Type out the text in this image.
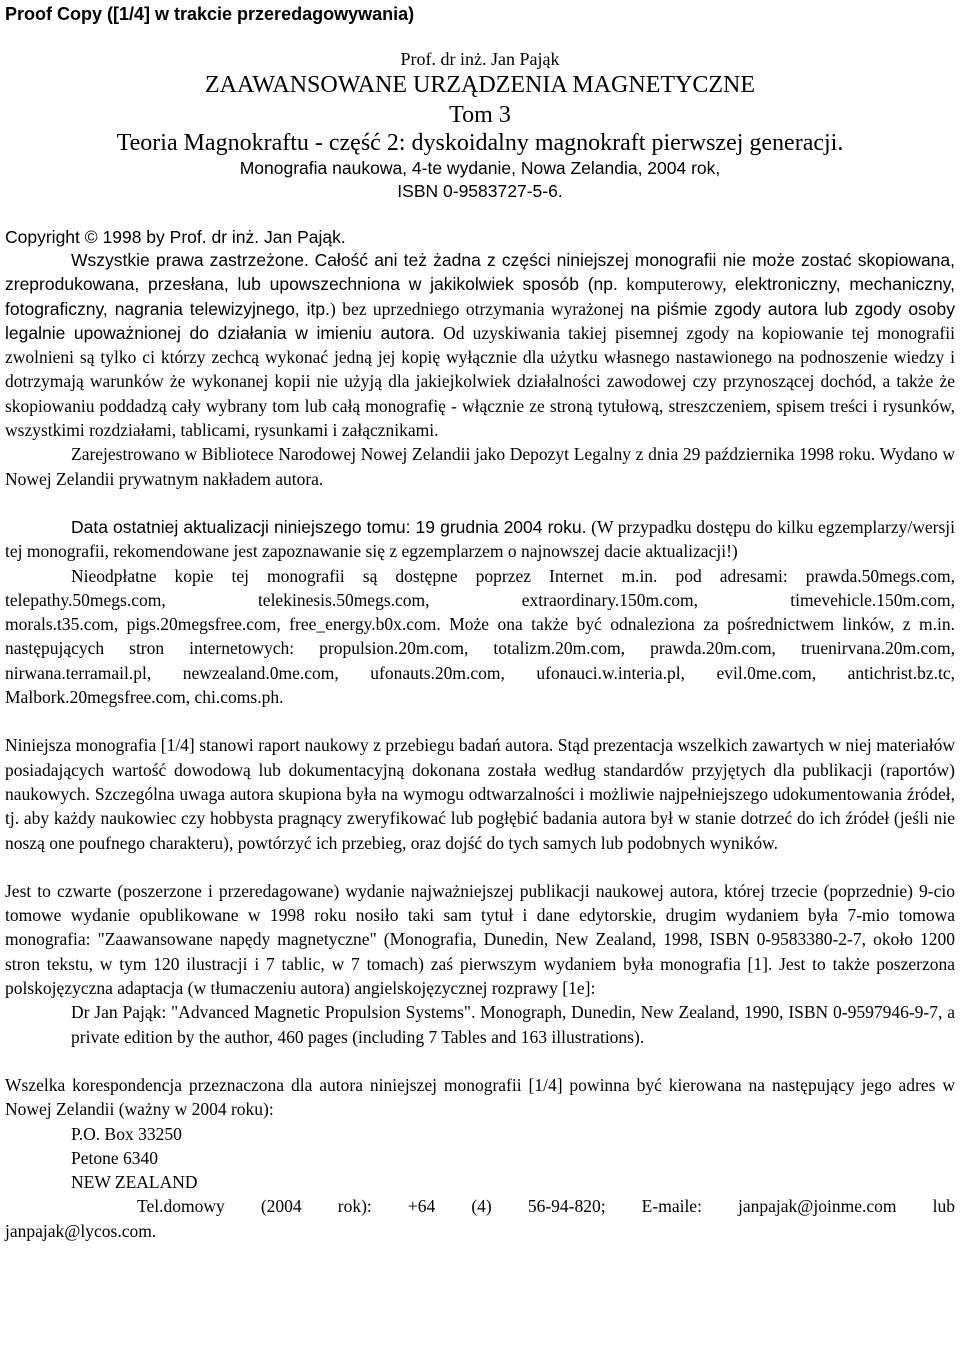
Proof Copy ([1/4] w trakcie przeredagowywania)
Prof. dr inż. Jan Pająk
ZAAWANSOWANE URZĄDZENIA MAGNETYCZNE
Tom 3
Teoria Magnokraftu - część 2: dyskoidalny magnokraft pierwszej generacji.
Monografia naukowa, 4-te wydanie, Nowa Zelandia, 2004 rok,
ISBN 0-9583727-5-6.
Copyright © 1998 by Prof. dr inż. Jan Pająk.

Wszystkie prawa zastrzeżone. Całość ani też żadna z części niniejszej monografii nie może zostać skopiowana, zreprodukowana, przesłana, lub upowszechniona w jakikolwiek sposób (np. komputerowy, elektroniczny, mechaniczny, fotograficzny, nagrania telewizyjnego, itp.) bez uprzedniego otrzymania wyrażonej na piśmie zgody autora lub zgody osoby legalnie upoważnionej do działania w imieniu autora. Od uzyskiwania takiej pisemnej zgody na kopiowanie tej monografii zwolnieni są tylko ci którzy zechcą wykonać jedną jej kopię wyłącznie dla użytku własnego nastawionego na podnoszenie wiedzy i dotrzymają warunków że wykonanej kopii nie użyją dla jakiejkolwiek działalności zawodowej czy przynoszącej dochód, a także że skopiowaniu poddadzą cały wybrany tom lub całą monografię - włącznie ze stroną tytułową, streszczeniem, spisem treści i rysunków, wszystkimi rozdziałami, tablicami, rysunkami i załącznikami.

Zarejestrowano w Bibliotece Narodowej Nowej Zelandii jako Depozyt Legalny z dnia 29 października 1998 roku. Wydano w Nowej Zelandii prywatnym nakładem autora.

Data ostatniej aktualizacji niniejszego tomu: 19 grudnia 2004 roku. (W przypadku dostępu do kilku egzemplarzy/wersji tej monografii, rekomendowane jest zapoznawanie się z egzemplarzem o najnowszej dacie aktualizacji!)

Nieodpłatne kopie tej monografii są dostępne poprzez Internet m.in. pod adresami: prawda.50megs.com,

telepathy.50megs.com, telekinesis.50megs.com, extraordinary.150m.com, timevehicle.150m.com,

morals.t35.com, pigs.20megsfree.com, free_energy.b0x.com. Może ona także być odnaleziona za pośrednictwem linków, z m.in. następujących stron internetowych: propulsion.20m.com, totalizm.20m.com, prawda.20m.com, truenirvana.20m.com, nirwana.terramail.pl, newzealand.0me.com, ufonauts.20m.com, ufonauci.w.interia.pl, evil.0me.com, antichrist.bz.tc, Malbork.20megsfree.com, chi.coms.ph.

Niniejsza monografia [1/4] stanowi raport naukowy z przebiegu badań autora. Stąd prezentacja wszelkich zawartych w niej materiałów posiadających wartość dowodową lub dokumentacyjną dokonana została według standardów przyjętych dla publikacji (raportów) naukowych. Szczególna uwaga autora skupiona była na wymogu odtwarzalności i możliwie najpełniejszego udokumentowania źródeł, tj. aby każdy naukowiec czy hobbysta pragnący zweryfikować lub pogłębić badania autora był w stanie dotrzeć do ich źródeł (jeśli nie noszą one poufnego charakteru), powtórzyć ich przebieg, oraz dojść do tych samych lub podobnych wyników.

Jest to czwarte (poszerzone i przeredagowane) wydanie najważniejszej publikacji naukowej autora, której trzecie (poprzednie) 9-cio tomowe wydanie opublikowane w 1998 roku nosiło taki sam tytuł i dane edytorskie, drugim wydaniem była 7-mio tomowa monografia: "Zaawansowane napędy magnetyczne" (Monografia, Dunedin, New Zealand, 1998, ISBN 0-9583380-2-7, około 1200 stron tekstu, w tym 120 ilustracji i 7 tablic, w 7 tomach) zaś pierwszym wydaniem była monografia [1]. Jest to także poszerzona polskojęzyczna adaptacja (w tłumaczeniu autora) angielskojęzycznej rozprawy [1e]:

Dr Jan Pająk: "Advanced Magnetic Propulsion Systems". Monograph, Dunedin, New Zealand, 1990, ISBN 0-9597946-9-7, a private edition by the author, 460 pages (including 7 Tables and 163 illustrations).

Wszelka korespondencja przeznaczona dla autora niniejszej monografii [1/4] powinna być kierowana na następujący jego adres w Nowej Zelandii (ważny w 2004 roku):

P.O. Box 33250
Petone 6340
NEW ZEALAND

Tel.domowy (2004 rok): +64 (4) 56-94-820; E-maile: janpajak@joinme.com lub

janpajak@lycos.com.
